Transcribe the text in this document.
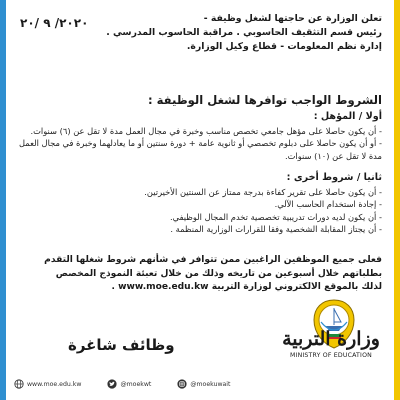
٢٠٢٠/ ٩ /٢٠	تعلن الوزارة عن حاجتها لشغل وظيفة -
رئيس قسم التثقيف الحاسوبي . مراقبة الحاسوب المدرسي .
إدارة نظم المعلومات - قطاع وكيل الوزارة.
الشروط الواجب توافرها لشغل الوظيفة :
أولا / المؤهل :
- أن يكون حاصلا على مؤهل جامعي تخصص مناسب وخبرة في مجال العمل مدة لا تقل عن (٦) سنوات.
- أو أن يكون حاصلا على دبلوم تخصصي أو ثانوية عامة + دورة سنتين أو ما يعادلهما وخبرة في مجال العمل مدة لا تقل عن (١٠) سنوات.
ثانيا / شروط أخرى :
- أن يكون حاصلا على تقرير كفاءة بدرجة ممتاز عن السنتين الأخيرتين.
- إجادة استخدام الحاسب الآلي.
- أن يكون لديه دورات تدريبية تخصصية تخدم المجال الوظيفي.
- أن يجتاز المقابلة الشخصية وفقا للقرارات الوزارية المنظمة .
فعلى جميع الموظفين الراغبين ممن تتوافر في شأنهم شروط شغلها التقدم
بطلباتهم خلال أسبوعين من تاريخه وذلك من خلال تعبئة النموذج المخصص
لذلك بالموقع الالكتروني لوزارة التربية www.moe.edu.kw .
وزارة التربية
MINISTRY OF EDUCATION
وظائف شاغرة
www.moe.edu.kw	@moekwt	@moekuwait
